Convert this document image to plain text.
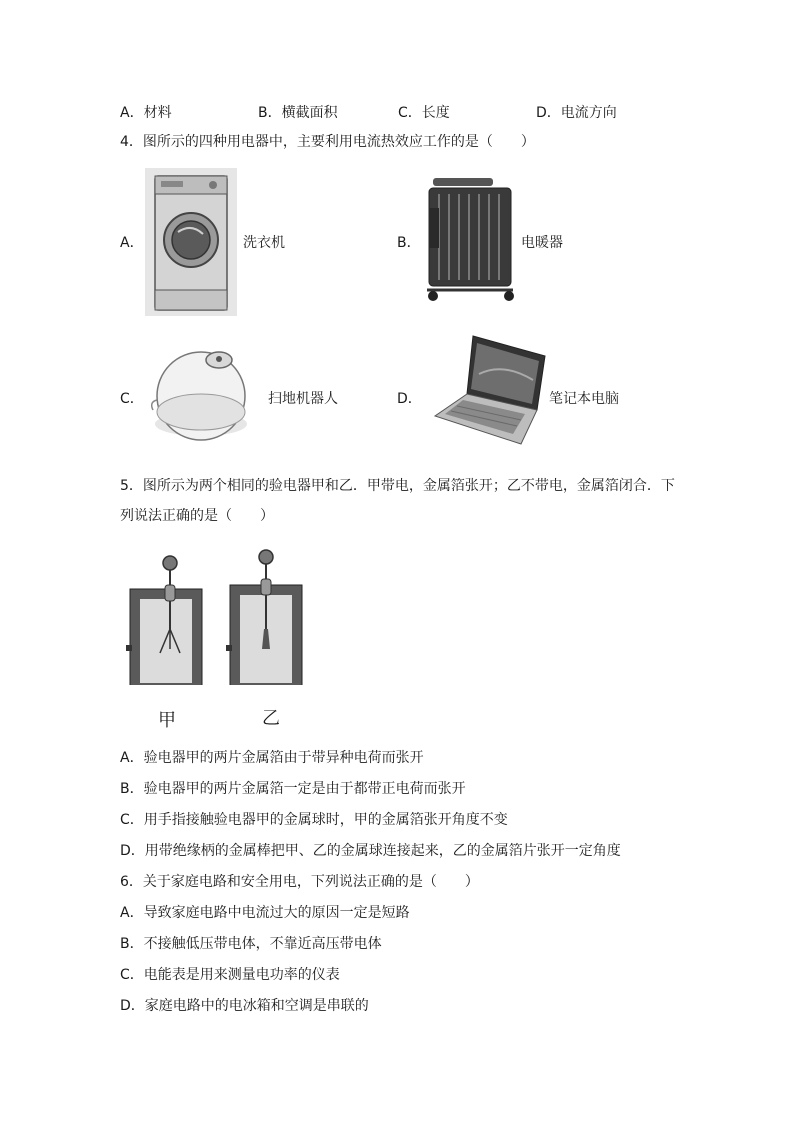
A．材料	B．横截面积	C．长度	D．电流方向
4．图所示的四种用电器中，主要利用电流热效应工作的是（　　）
A．	洗衣机	B．	电暖器
C．	扫地机器人	D．	笔记本电脑
5．图所示为两个相同的验电器甲和乙．甲带电，金属箔张开；乙不带电，金属箔闭合．下
列说法正确的是（　　）
甲	乙
A．验电器甲的两片金属箔由于带异种电荷而张开
B．验电器甲的两片金属箔一定是由于都带正电荷而张开
C．用手指接触验电器甲的金属球时，甲的金属箔张开角度不变
D．用带绝缘柄的金属棒把甲、乙的金属球连接起来，乙的金属箔片张开一定角度
6．关于家庭电路和安全用电，下列说法正确的是（　　）
A．导致家庭电路中电流过大的原因一定是短路
B．不接触低压带电体，不靠近高压带电体
C．电能表是用来测量电功率的仪表
D．家庭电路中的电冰箱和空调是串联的
